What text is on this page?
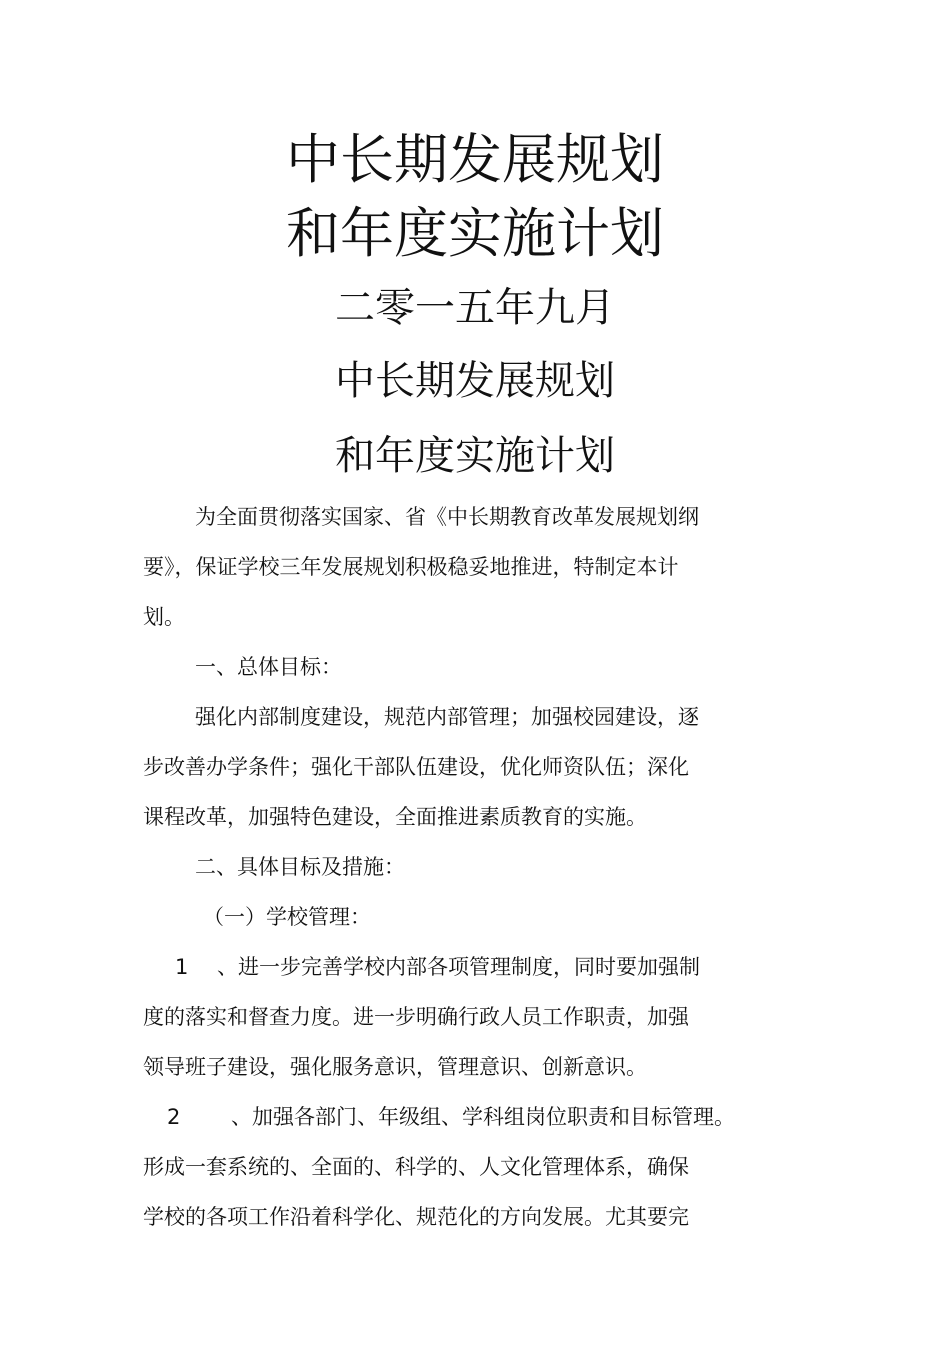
中长期发展规划
和年度实施计划
二零一五年九月
中长期发展规划
和年度实施计划
为全面贯彻落实国家、省《中长期教育改革发展规划纲
要》，保证学校三年发展规划积极稳妥地推进，特制定本计
划。
一、总体目标：
强化内部制度建设，规范内部管理；加强校园建设，逐
步改善办学条件；强化干部队伍建设，优化师资队伍；深化
课程改革，加强特色建设，全面推进素质教育的实施。
二、具体目标及措施：
（一）学校管理：
1 、进一步完善学校内部各项管理制度，同时要加强制
度的落实和督查力度。进一步明确行政人员工作职责，加强
领导班子建设，强化服务意识，管理意识、创新意识。
2 、加强各部门、年级组、学科组岗位职责和目标管理。
形成一套系统的、全面的、科学的、人文化管理体系，确保
学校的各项工作沿着科学化、规范化的方向发展。尤其要完
